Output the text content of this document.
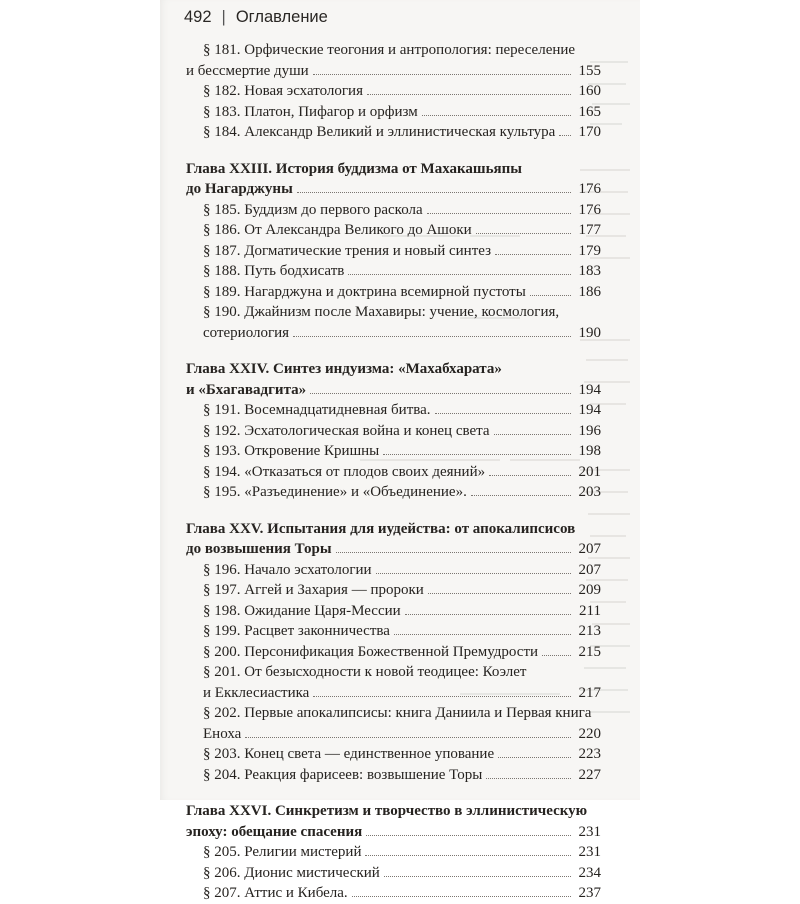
492 | Оглавление
§ 181. Орфические теогония и антропология: переселение
и бессмертие души	155
§ 182. Новая эсхатология	160
§ 183. Платон, Пифагор и орфизм	165
§ 184. Александр Великий и эллинистическая культура 170
Глава XXIII. История буддизма от Махакашьяпы
до Нагарджуны	176
§ 185. Буддизм до первого раскола	176
§ 186. От Александра Великого до Ашоки	177
§ 187. Догматические трения и новый синтез	179
§ 188. Путь бодхисатв	183
§ 189. Нагарджуна и доктрина всемирной пустоты	186
§ 190. Джайнизм после Махавиры: учение, космология,
сотериология	190
Глава XXIV. Синтез индуизма: «Махабхарата»
и «Бхагавадгита»	194
§ 191. Восемнадцатидневная битва.	194
§ 192. Эсхатологическая война и конец света	196
§ 193. Откровение Кришны	198
§ 194. «Отказаться от плодов своих деяний»	201
§ 195. «Разъединение» и «Объединение».	203
Глава XXV. Испытания для иудейства: от апокалипсисов
до возвышения Торы	207
§ 196. Начало эсхатологии	207
§ 197. Аггей и Захария — пророки	209
§ 198. Ожидание Царя-Мессии	211
§ 199. Расцвет законничества	213
§ 200. Персонификация Божественной Премудрости	215
§ 201. От безысходности к новой теодицее: Коэлет
и Екклесиастика	217
§ 202. Первые апокалипсисы: книга Даниила и Первая книга
Еноха	220
§ 203. Конец света — единственное упование	223
§ 204. Реакция фарисеев: возвышение Торы	227
Глава XXVI. Синкретизм и творчество в эллинистическую
эпоху: обещание спасения	231
§ 205. Религии мистерий	231
§ 206. Дионис мистический	234
§ 207. Аттис и Кибела.	237
